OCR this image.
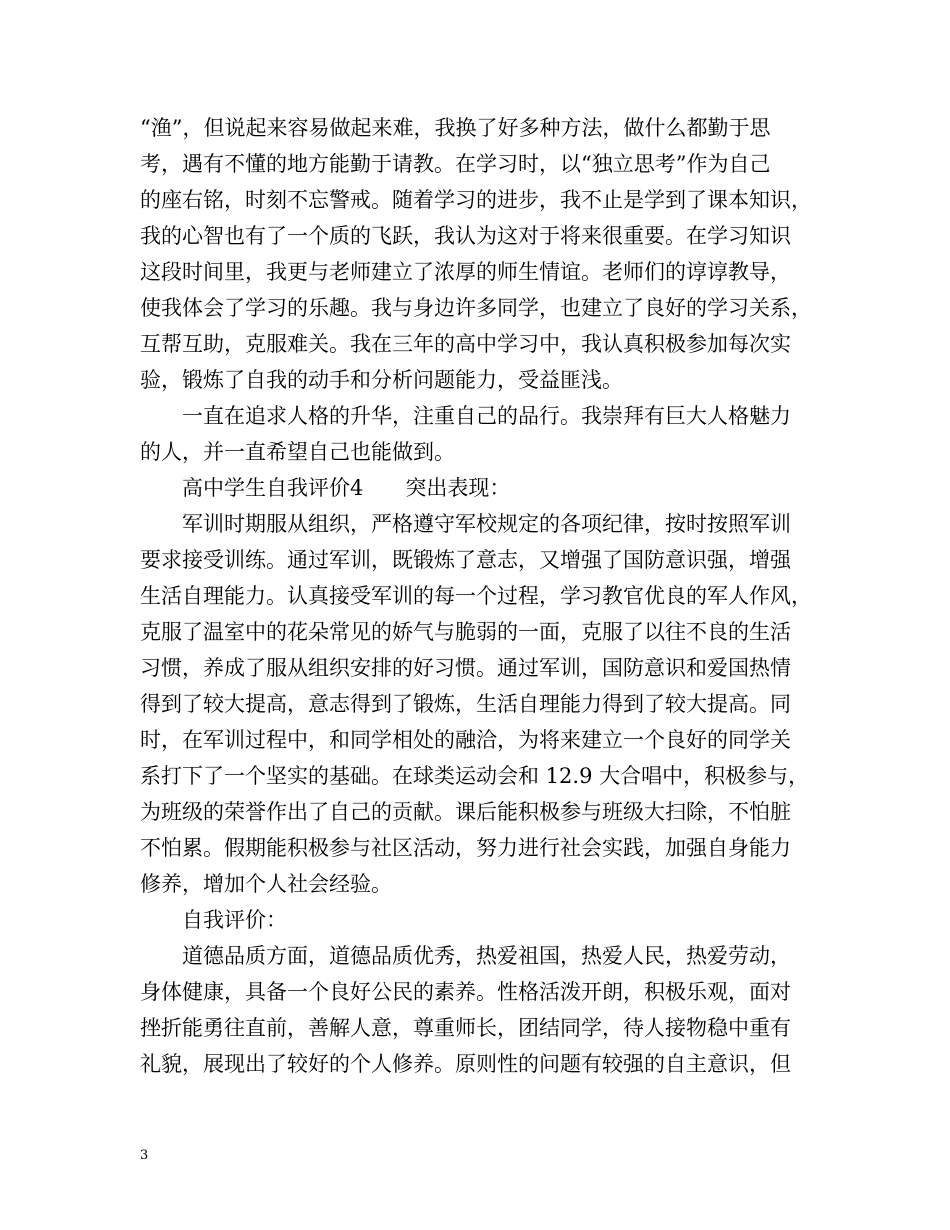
“渔”，但说起来容易做起来难，我换了好多种方法，做什么都勤于思
考，遇有不懂的地方能勤于请教。在学习时，以“独立思考”作为自己
的座右铭，时刻不忘警戒。随着学习的进步，我不止是学到了课本知识，
我的心智也有了一个质的飞跃，我认为这对于将来很重要。在学习知识
这段时间里，我更与老师建立了浓厚的师生情谊。老师们的谆谆教导，
使我体会了学习的乐趣。我与身边许多同学，也建立了良好的学习关系，
互帮互助，克服难关。我在三年的高中学习中，我认真积极参加每次实
验，锻炼了自我的动手和分析问题能力，受益匪浅。
一直在追求人格的升华，注重自己的品行。我崇拜有巨大人格魅力
的人，并一直希望自己也能做到。
高中学生自我评价4　　突出表现：
军训时期服从组织，严格遵守军校规定的各项纪律，按时按照军训
要求接受训练。通过军训，既锻炼了意志，又增强了国防意识强，增强
生活自理能力。认真接受军训的每一个过程，学习教官优良的军人作风，
克服了温室中的花朵常见的娇气与脆弱的一面，克服了以往不良的生活
习惯，养成了服从组织安排的好习惯。通过军训，国防意识和爱国热情
得到了较大提高，意志得到了锻炼，生活自理能力得到了较大提高。同
时，在军训过程中，和同学相处的融洽，为将来建立一个良好的同学关
系打下了一个坚实的基础。在球类运动会和 12.9 大合唱中，积极参与，
为班级的荣誉作出了自己的贡献。课后能积极参与班级大扫除，不怕脏
不怕累。假期能积极参与社区活动，努力进行社会实践，加强自身能力
修养，增加个人社会经验。
自我评价：
道德品质方面，道德品质优秀，热爱祖国，热爱人民，热爱劳动，
身体健康，具备一个良好公民的素养。性格活泼开朗，积极乐观，面对
挫折能勇往直前，善解人意，尊重师长，团结同学，待人接物稳中重有
礼貌，展现出了较好的个人修养。原则性的问题有较强的自主意识，但
3
